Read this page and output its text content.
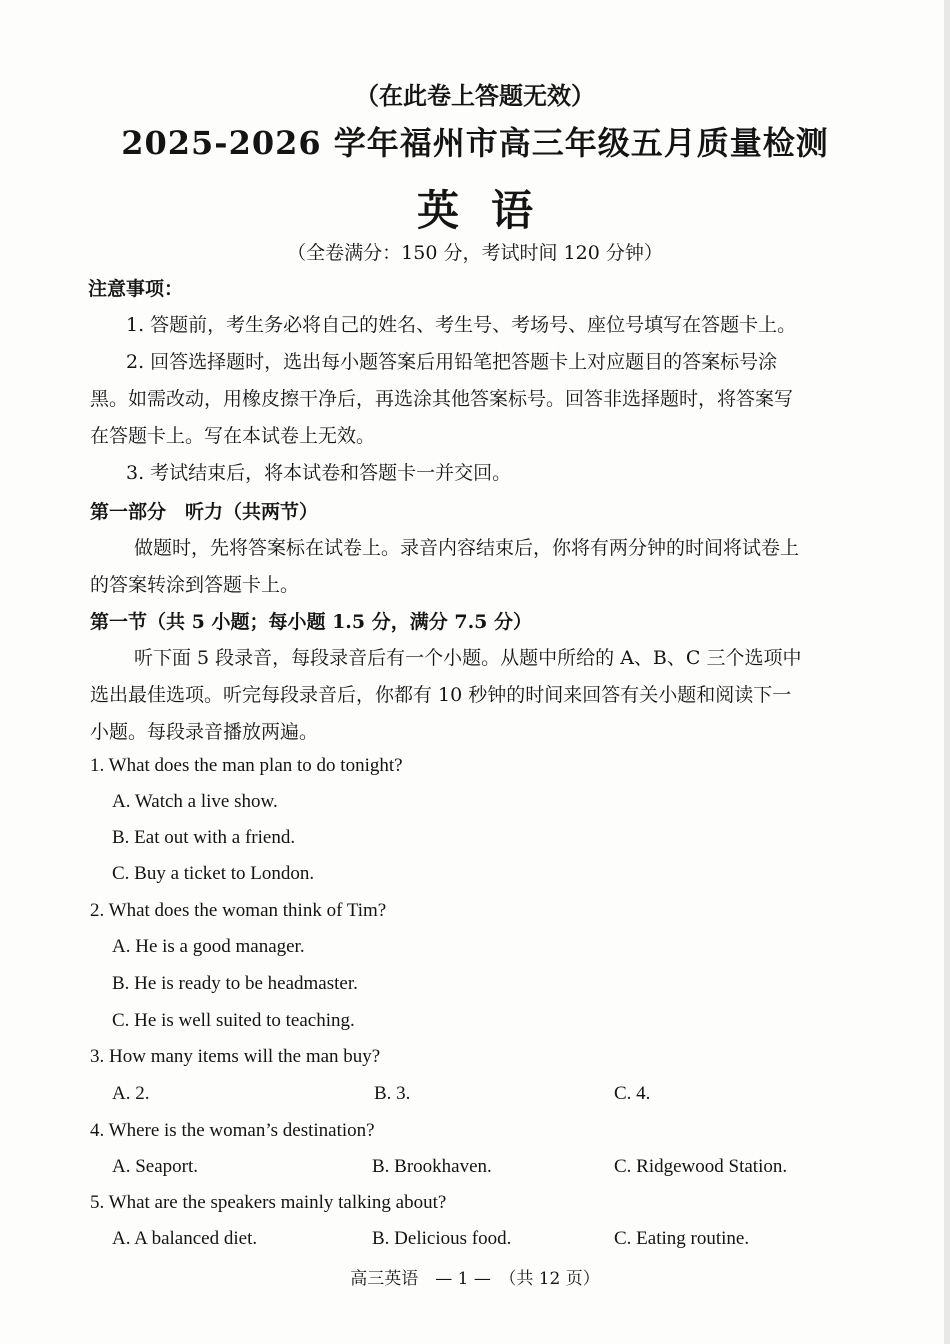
（在此卷上答题无效）
2025-2026 学年福州市高三年级五月质量检测
英语
（全卷满分：150 分，考试时间 120 分钟）
注意事项：
1. 答题前，考生务必将自己的姓名、考生号、考场号、座位号填写在答题卡上。
2. 回答选择题时，选出每小题答案后用铅笔把答题卡上对应题目的答案标号涂
黑。如需改动，用橡皮擦干净后，再选涂其他答案标号。回答非选择题时，将答案写
在答题卡上。写在本试卷上无效。
3. 考试结束后，将本试卷和答题卡一并交回。
第一部分　听力（共两节）
做题时，先将答案标在试卷上。录音内容结束后，你将有两分钟的时间将试卷上
的答案转涂到答题卡上。
第一节（共 5 小题；每小题 1.5 分，满分 7.5 分）
听下面 5 段录音，每段录音后有一个小题。从题中所给的 A、B、C 三个选项中
选出最佳选项。听完每段录音后，你都有 10 秒钟的时间来回答有关小题和阅读下一
小题。每段录音播放两遍。
1. What does the man plan to do tonight?
A. Watch a live show.
B. Eat out with a friend.
C. Buy a ticket to London.
2. What does the woman think of Tim?
A. He is a good manager.
B. He is ready to be headmaster.
C. He is well suited to teaching.
3. How many items will the man buy?
A. 2.	B. 3.	C. 4.
4. Where is the woman’s destination?
A. Seaport.	B. Brookhaven.	C. Ridgewood Station.
5. What are the speakers mainly talking about?
A. A balanced diet.	B. Delicious food.	C. Eating routine.
高三英语　— 1 —　（共 12 页）
